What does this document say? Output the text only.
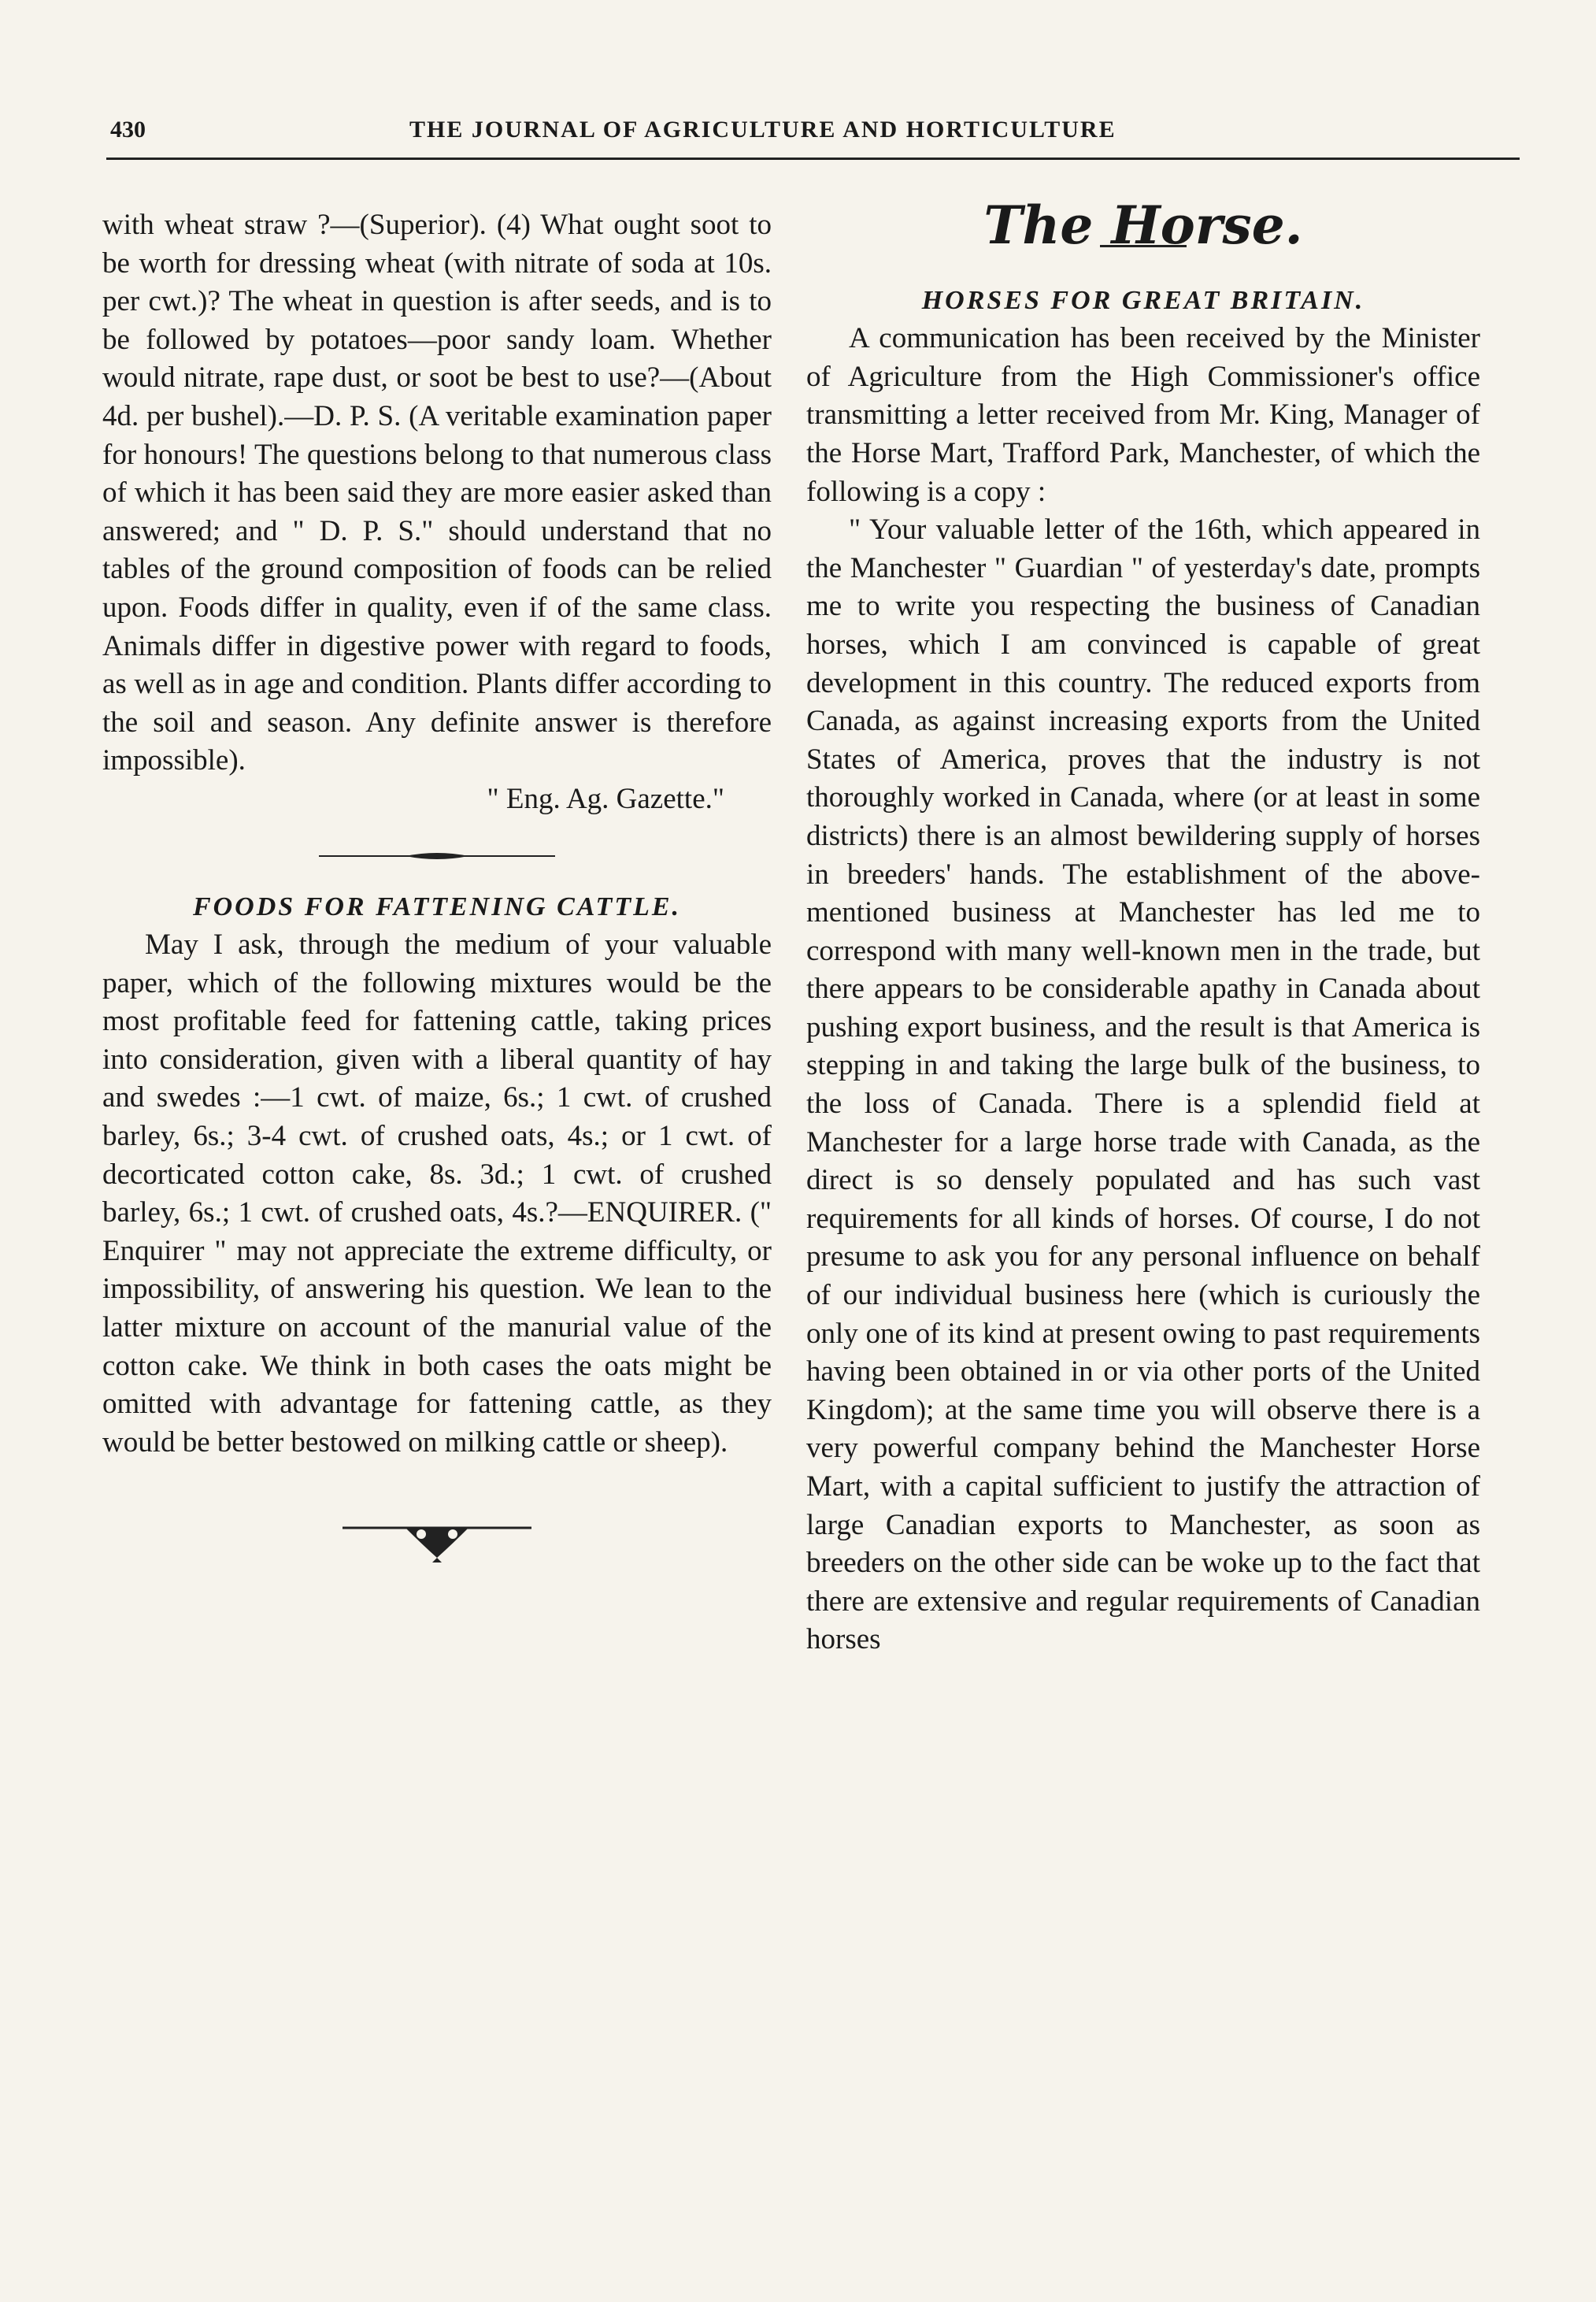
430	THE JOURNAL OF AGRICULTURE AND HORTICULTURE

with wheat straw ?—(Superior). (4) What ought soot to be worth for dressing wheat (with nitrate of soda at 10s. per cwt.)? The wheat in question is after seeds, and is to be followed by potatoes—poor sandy loam. Whether would nitrate, rape dust, or soot be best to use?—(About 4d. per bushel).—D. P. S. (A veritable examination paper for honours! The questions belong to that numerous class of which it has been said they are more easier asked than answered; and " D. P. S." should understand that no tables of the ground composition of foods can be relied upon. Foods differ in quality, even if of the same class. Animals differ in digestive power with regard to foods, as well as in age and condition. Plants differ according to the soil and season. Any definite answer is therefore impossible).

" Eng. Ag. Gazette."

FOODS FOR FATTENING CATTLE.

May I ask, through the medium of your valuable paper, which of the following mixtures would be the most profitable feed for fattening cattle, taking prices into consideration, given with a liberal quantity of hay and swedes :—1 cwt. of maize, 6s.; 1 cwt. of crushed barley, 6s.; 3-4 cwt. of crushed oats, 4s.; or 1 cwt. of decorticated cotton cake, 8s. 3d.; 1 cwt. of crushed barley, 6s.; 1 cwt. of crushed oats, 4s.?—ENQUIRER. (" Enquirer " may not appreciate the extreme difficulty, or impossibility, of answering his question. We lean to the latter mixture on account of the manurial value of the cotton cake. We think in both cases the oats might be omitted with advantage for fattening cattle, as they would be better bestowed on milking cattle or sheep).

The Horse.

HORSES FOR GREAT BRITAIN.

A communication has been received by the Minister of Agriculture from the High Commissioner's office transmitting a letter received from Mr. King, Manager of the Horse Mart, Trafford Park, Manchester, of which the following is a copy :

" Your valuable letter of the 16th, which appeared in the Manchester " Guardian " of yesterday's date, prompts me to write you respecting the business of Canadian horses, which I am convinced is capable of great development in this country. The reduced exports from Canada, as against increasing exports from the United States of America, proves that the industry is not thoroughly worked in Canada, where (or at least in some districts) there is an almost bewildering supply of horses in breeders' hands. The establishment of the above-mentioned business at Manchester has led me to correspond with many well-known men in the trade, but there appears to be considerable apathy in Canada about pushing export business, and the result is that America is stepping in and taking the large bulk of the business, to the loss of Canada. There is a splendid field at Manchester for a large horse trade with Canada, as the direct is so densely populated and has such vast requirements for all kinds of horses. Of course, I do not presume to ask you for any personal influence on behalf of our individual business here (which is curiously the only one of its kind at present owing to past requirements having been obtained in or via other ports of the United Kingdom); at the same time you will observe there is a very powerful company behind the Manchester Horse Mart, with a capital sufficient to justify the attraction of large Canadian exports to Manchester, as soon as breeders on the other side can be woke up to the fact that there are extensive and regular requirements of Canadian horses
